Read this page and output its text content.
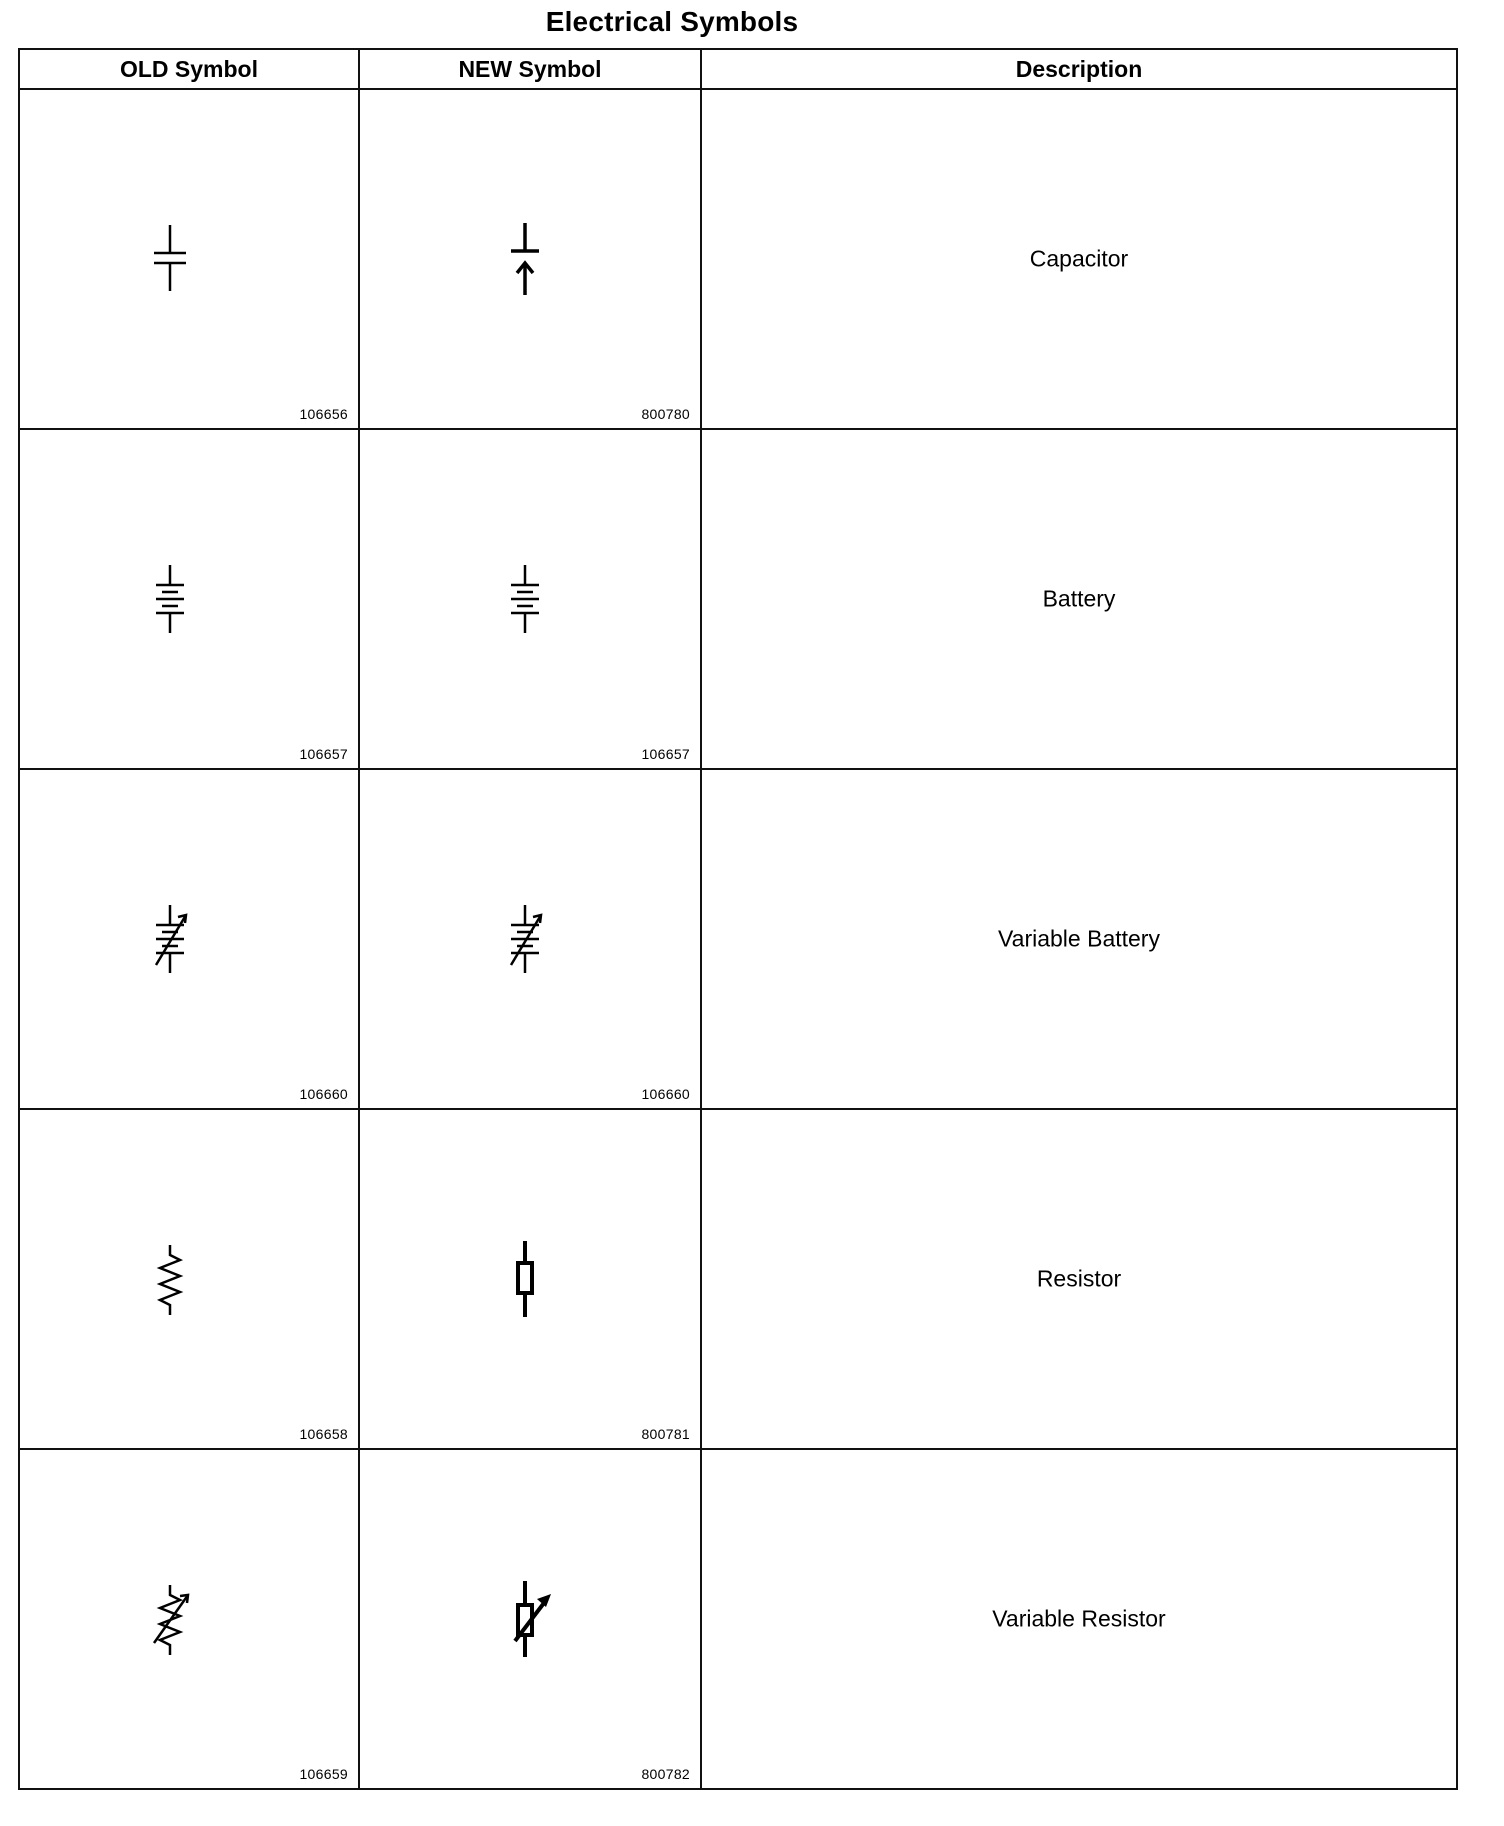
Electrical Symbols
OLD Symbol	NEW Symbol	Description

106656	800780	Capacitor

106657	106657	Battery

106660	106660	Variable Battery

106658	800781	Resistor

106659	800782	Variable Resistor
